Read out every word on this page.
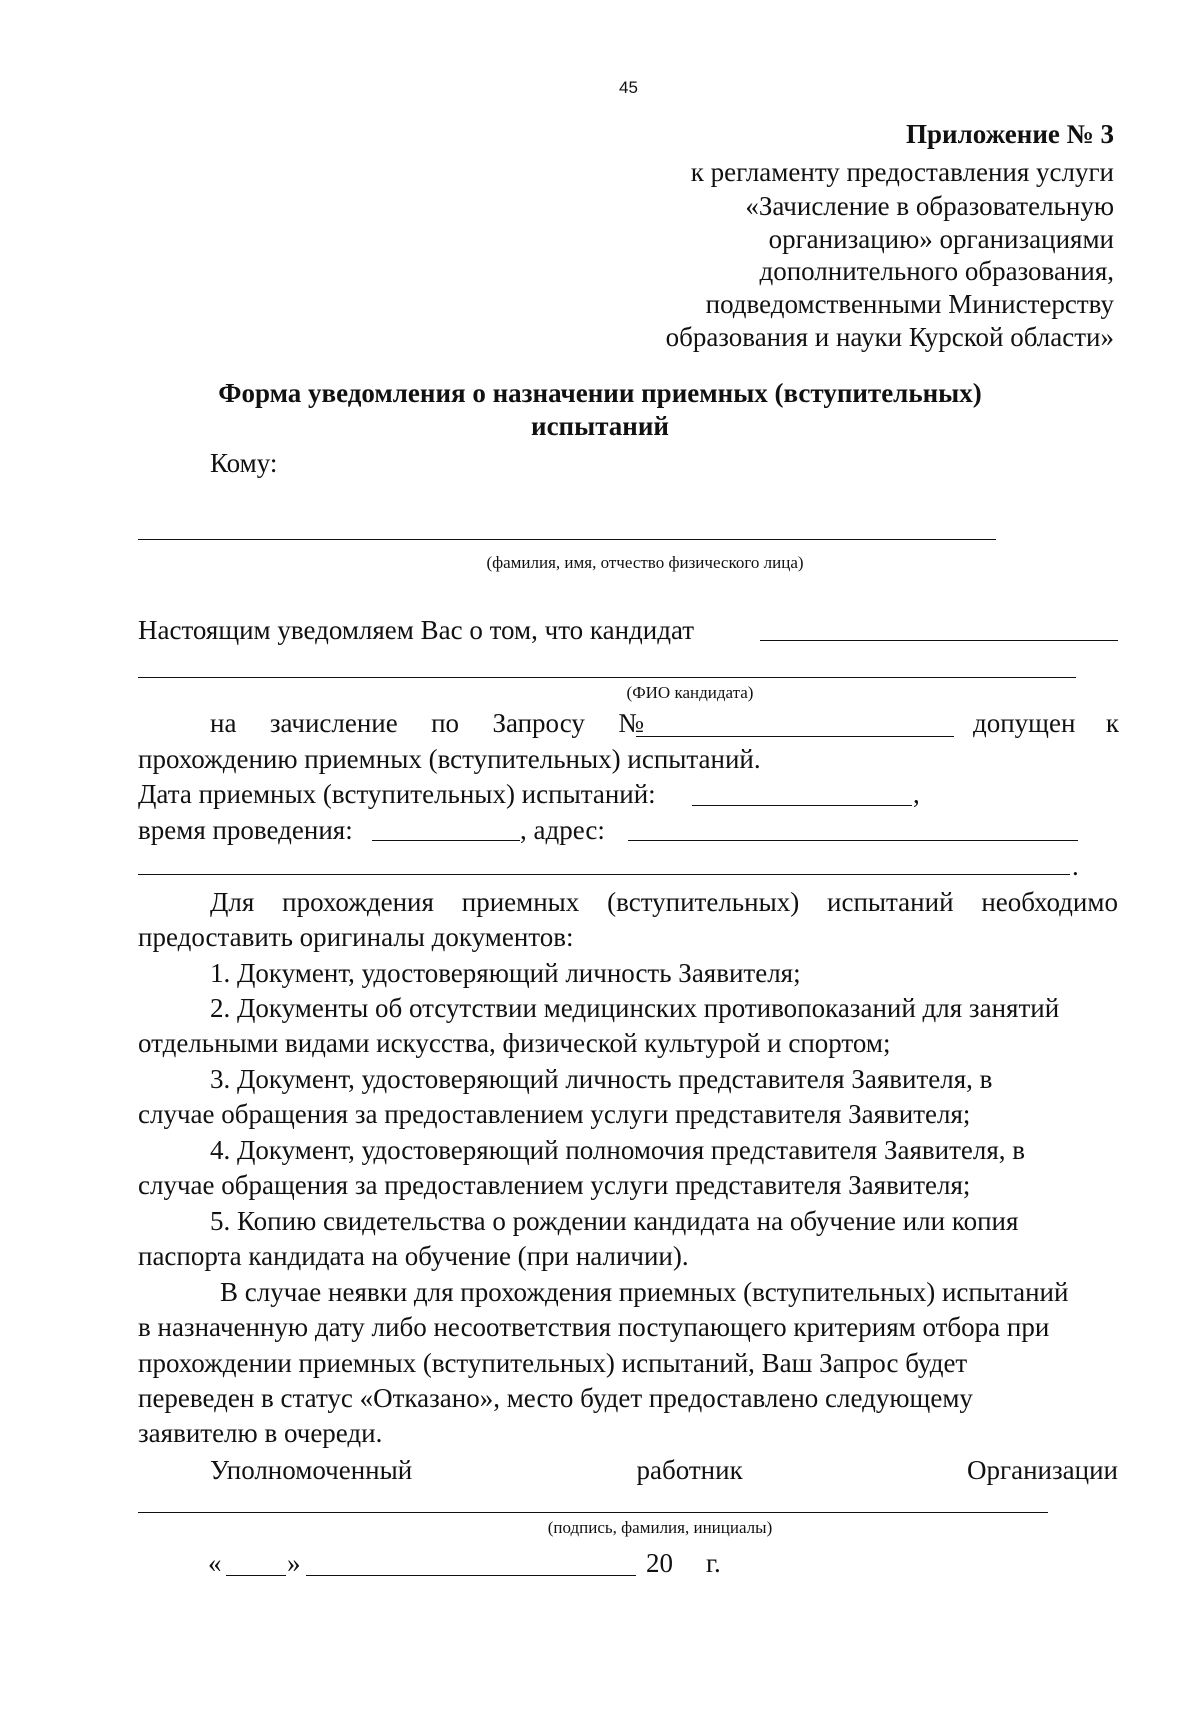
45
Приложение № 3
к регламенту предоставления услуги
«Зачисление в образовательную
организацию» организациями
дополнительного образования,
подведомственными Министерству
образования и науки Курской области»
Форма уведомления о назначении приемных (вступительных)
испытаний
Кому:
(фамилия, имя, отчество физического лица)
Настоящим уведомляем Вас о том, что кандидат
(ФИО кандидата)
на зачисление по Запросу №	допущен к
прохождению приемных (вступительных) испытаний.
Дата приемных (вступительных) испытаний:	,
время проведения:	, адрес:
.
Для прохождения приемных (вступительных) испытаний необходимо
предоставить оригиналы документов:
1. Документ, удостоверяющий личность Заявителя;
2. Документы об отсутствии медицинских противопоказаний для занятий
отдельными видами искусства, физической культурой и спортом;
3. Документ, удостоверяющий личность представителя Заявителя, в
случае обращения за предоставлением услуги представителя Заявителя;
4. Документ, удостоверяющий полномочия представителя Заявителя, в
случае обращения за предоставлением услуги представителя Заявителя;
5. Копию свидетельства о рождении кандидата на обучение или копия
паспорта кандидата на обучение (при наличии).
В случае неявки для прохождения приемных (вступительных) испытаний
в назначенную дату либо несоответствия поступающего критериям отбора при
прохождении приемных (вступительных) испытаний, Ваш Запрос будет
переведен в статус «Отказано», место будет предоставлено следующему
заявителю в очереди.
Уполномоченный	работник	Организации
(подпись, фамилия, инициалы)
« »	20 г.
